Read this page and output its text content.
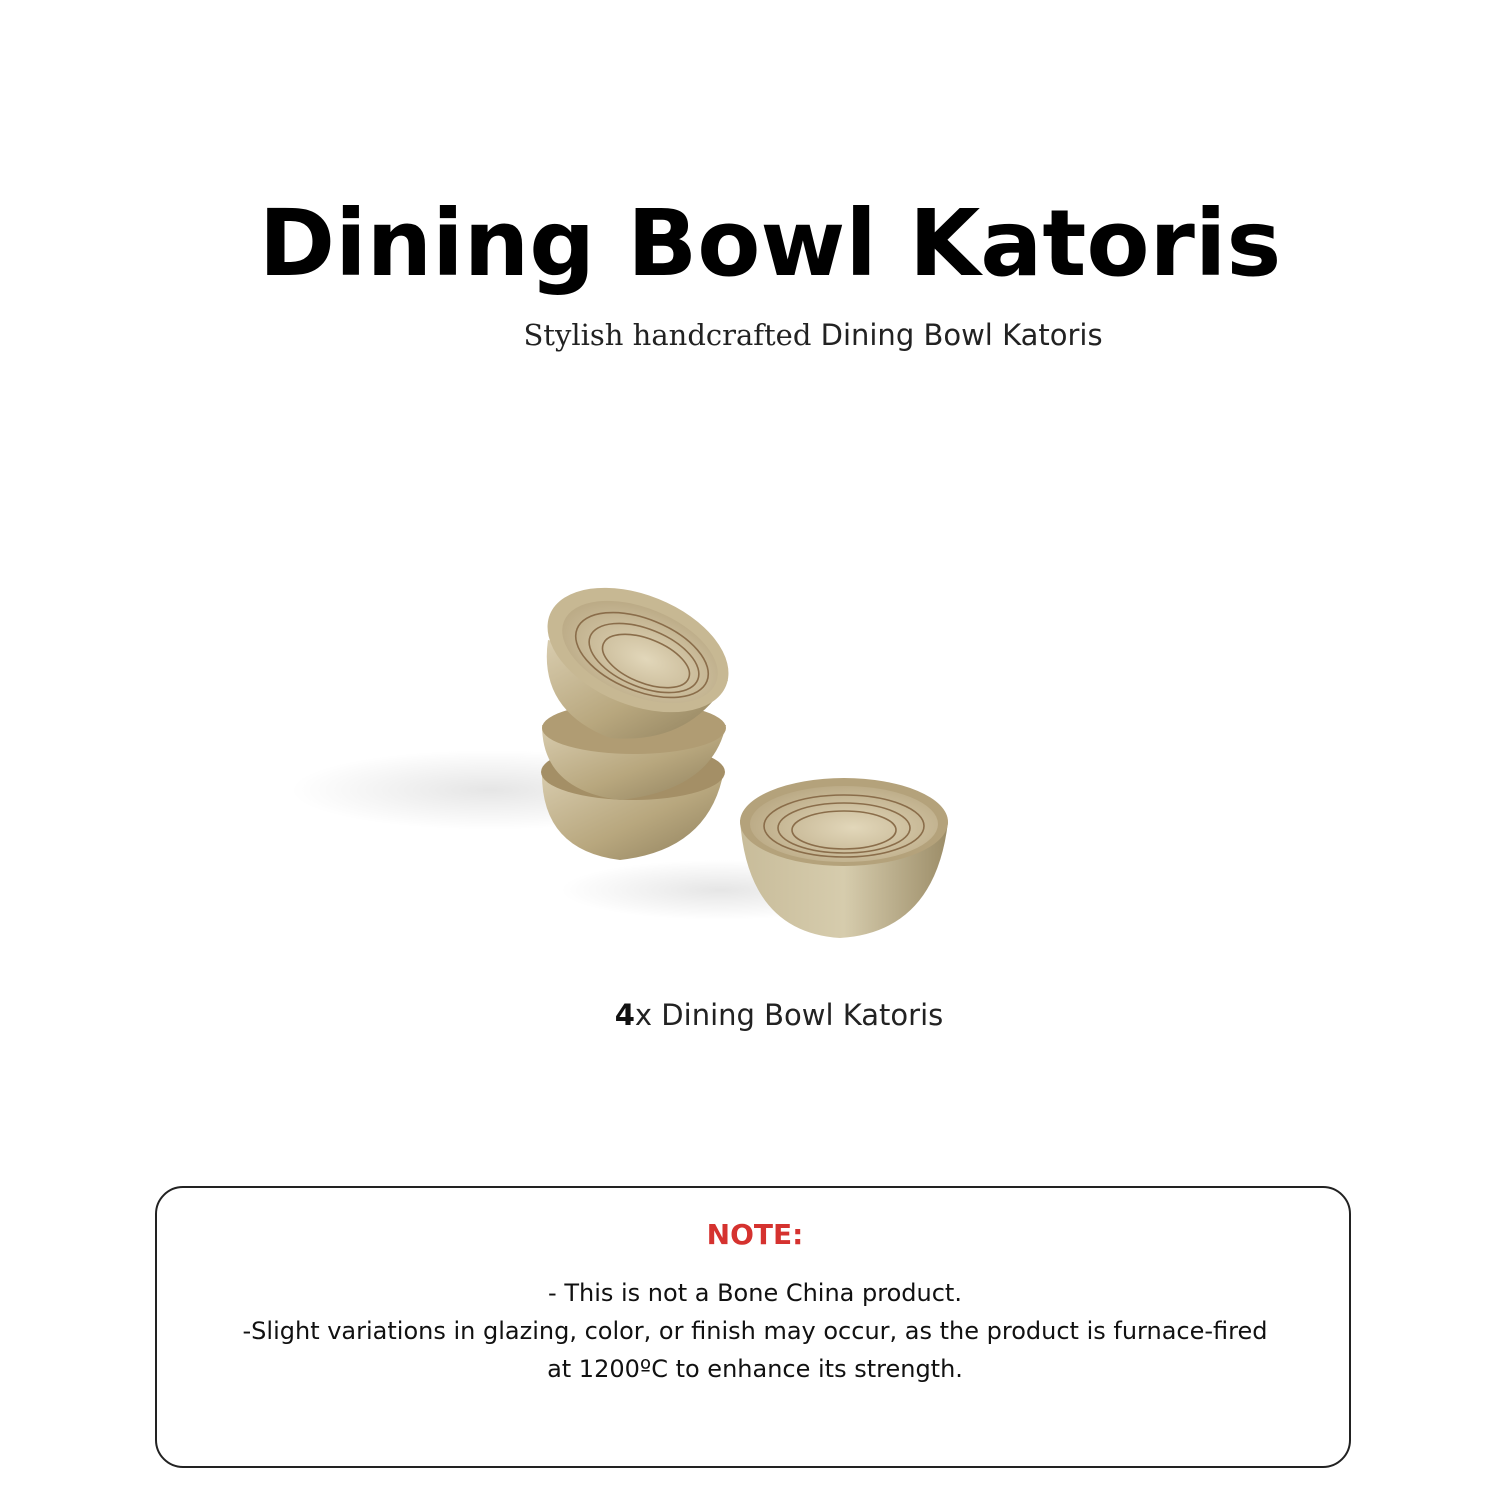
Dining Bowl Katoris
Stylish handcrafted Dining Bowl Katoris
4x Dining Bowl Katoris
NOTE:
- This is not a Bone China product.
-Slight variations in glazing, color, or finish may occur, as the product is furnace-fired
at 1200ºC to enhance its strength.
